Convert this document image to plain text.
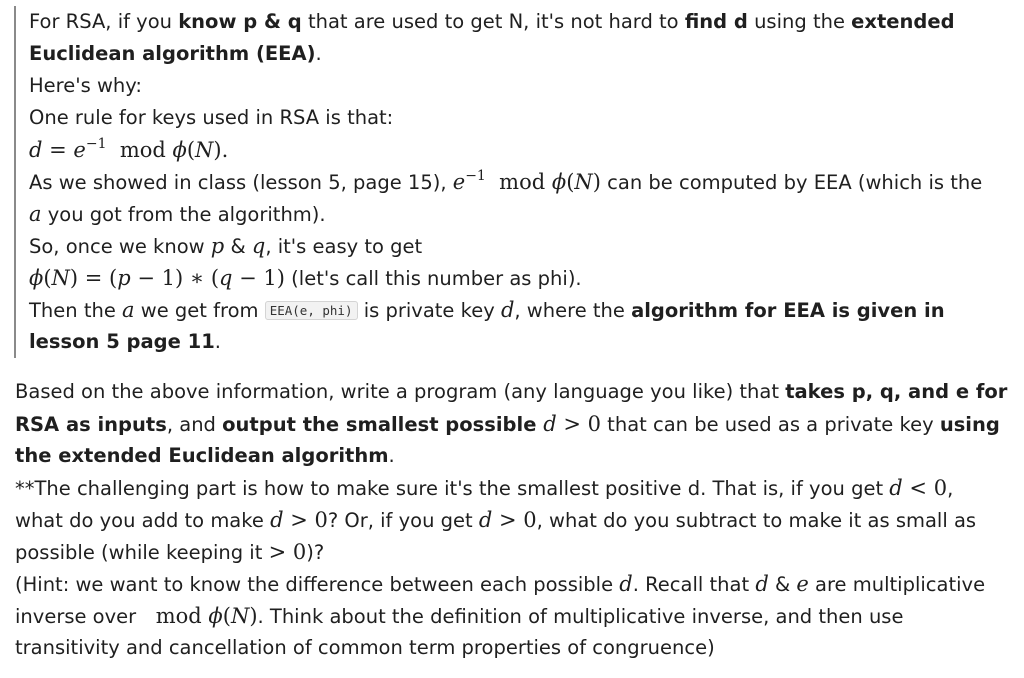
For RSA, if you know p & q that are used to get N, it's not hard to find d using the extended
Euclidean algorithm (EEA).
Here's why:
One rule for keys used in RSA is that:
$d = e^{-1}$  mod ϕ(N).
As we showed in class (lesson 5, page 15), $e^{-1}$  mod ϕ(N) can be computed by EEA (which is the
a you got from the algorithm).
So, once we know p & q, it's easy to get
ϕ(N) = (p − 1) ∗ (q − 1) (let's call this number as phi).
Then the a we get from EEA(e, phi) is private key d, where the algorithm for EEA is given in
lesson 5 page 11.
Based on the above information, write a program (any language you like) that takes p, q, and e for
RSA as inputs, and output the smallest possible d > 0 that can be used as a private key using
the extended Euclidean algorithm.
**The challenging part is how to make sure it's the smallest positive d. That is, if you get d < 0,
what do you add to make d > 0? Or, if you get d > 0, what do you subtract to make it as small as
possible (while keeping it > 0)?
(Hint: we want to know the difference between each possible d. Recall that d & e are multiplicative
inverse over   mod ϕ(N). Think about the definition of multiplicative inverse, and then use
transitivity and cancellation of common term properties of congruence)
